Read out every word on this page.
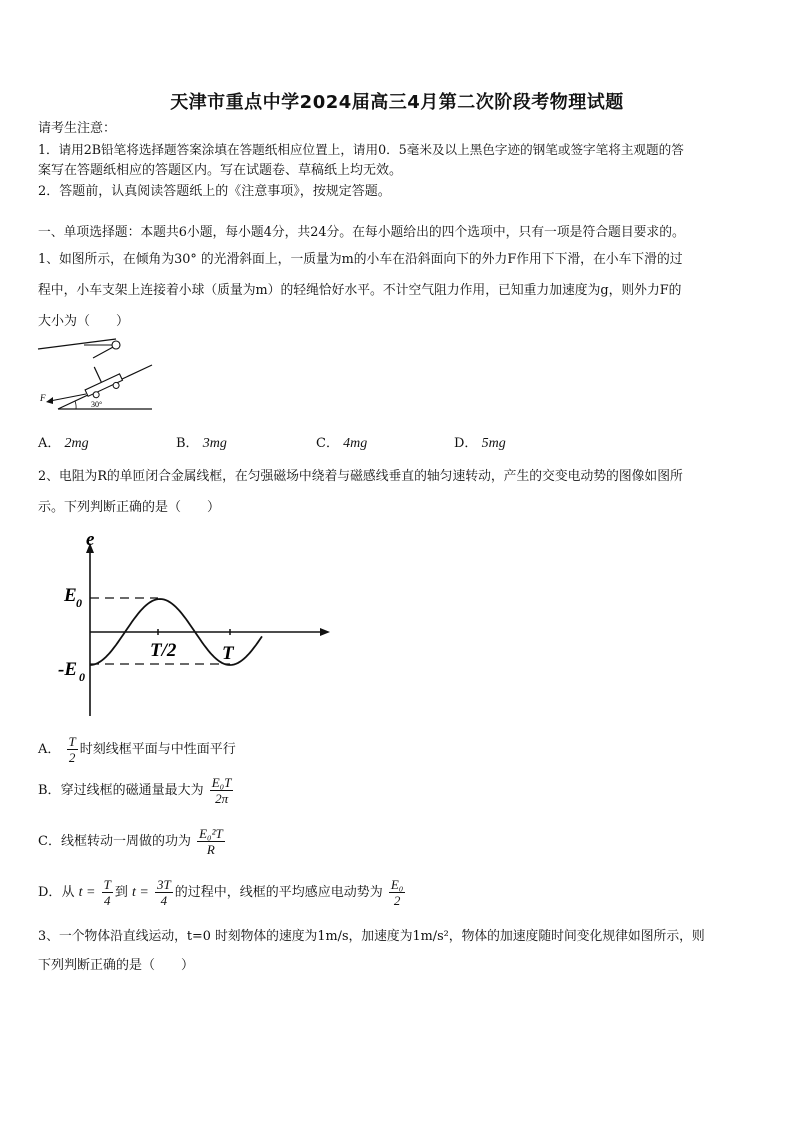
天津市重点中学2024届高三4月第二次阶段考物理试题
请考生注意：
1．请用2B铅笔将选择题答案涂填在答题纸相应位置上，请用0．5毫米及以上黑色字迹的钢笔或签字笔将主观题的答
案写在答题纸相应的答题区内。写在试题卷、草稿纸上均无效。
2．答题前，认真阅读答题纸上的《注意事项》，按规定答题。
一、单项选择题：本题共6小题，每小题4分，共24分。在每小题给出的四个选项中，只有一项是符合题目要求的。
1、如图所示，在倾角为30° 的光滑斜面上，一质量为m的小车在沿斜面向下的外力F作用下下滑，在小车下滑的过
程中，小车支架上连接着小球（质量为m）的轻绳恰好水平。不计空气阻力作用，已知重力加速度为g，则外力F的
大小为（　　）
F
30°
A． 2mg	B． 3mg	C． 4mg	D． 5mg
2、电阻为R的单匝闭合金属线框，在匀强磁场中绕着与磁感线垂直的轴匀速转动，产生的交变电动势的图像如图所
示。下列判断正确的是（　　）
e
E 0
-E 0
T/2 T
A． $\frac{T}{2}$ 时刻线框平面与中性面平行
B．穿过线框的磁通量最大为 $\frac{\text{E₀T}}{2\pi}$
C．线框转动一周做的功为 $\frac{\text{E₀²T}}{R}$
D．从 $t = \frac{T}{4}$ 到 $t = \frac{3T}{4}$ 的过程中，线框的平均感应电动势为 $\frac{\text{E₀}}{2}$
3、一个物体沿直线运动，t=0 时刻物体的速度为1m/s，加速度为1m/s²，物体的加速度随时间变化规律如图所示，则
下列判断正确的是（　　）
